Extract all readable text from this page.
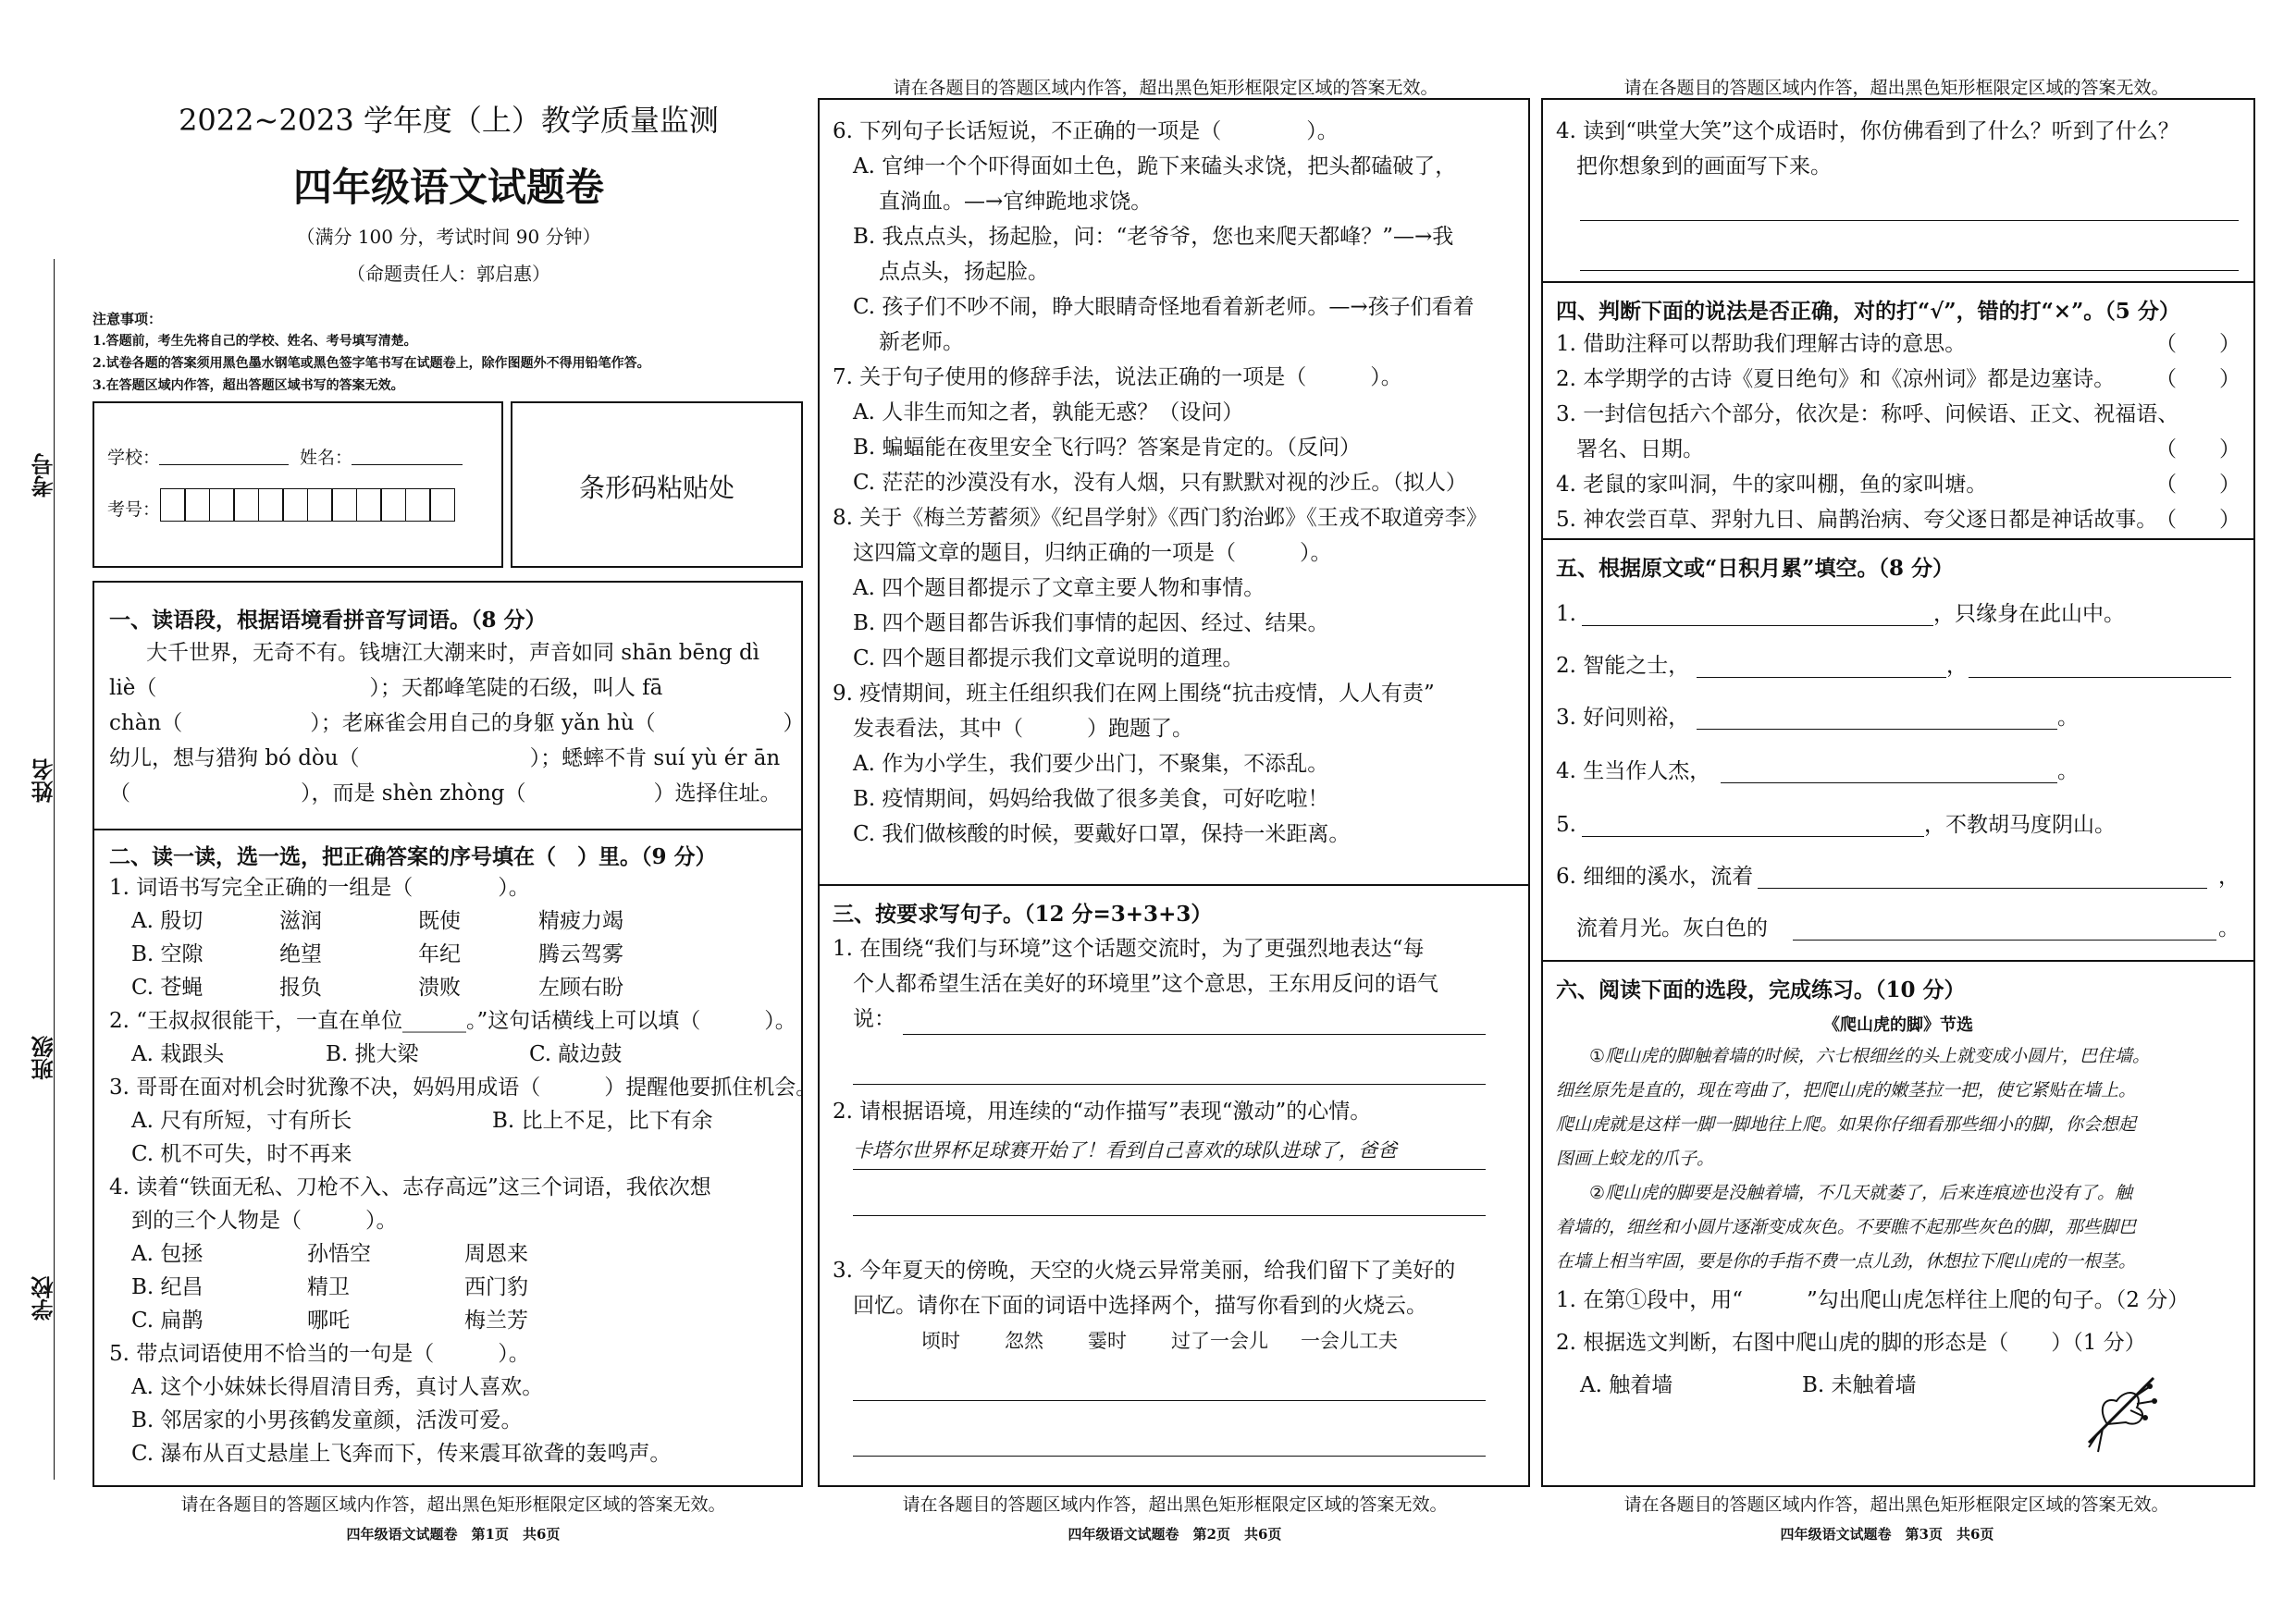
请在各题目的答题区域内作答，超出黑色矩形框限定区域的答案无效。	请在各题目的答题区域内作答，超出黑色矩形框限定区域的答案无效。
请在各题目的答题区域内作答，超出黑色矩形框限定区域的答案无效。	请在各题目的答题区域内作答，超出黑色矩形框限定区域的答案无效。	请在各题目的答题区域内作答，超出黑色矩形框限定区域的答案无效。
四年级语文试题卷　第1页　共6页	四年级语文试题卷　第2页　共6页	四年级语文试题卷　第3页　共6页
考号
姓名
班级
学校
2022~2023 学年度（上）教学质量监测
四年级语文试题卷
（满分 100 分，考试时间 90 分钟）
（命题责任人：郭启惠）
注意事项：
1.答题前，考生先将自己的学校、姓名、考号填写清楚。
2.试卷各题的答案须用黑色墨水钢笔或黑色签字笔书写在试题卷上，除作图题外不得用铅笔作答。
3.在答题区域内作答，超出答题区域书写的答案无效。
学校：	姓名：
考号：
条形码粘贴处
一、读语段，根据语境看拼音写词语。（8 分）
大千世界，无奇不有。钱塘江大潮来时，声音如同 shān bēng dì
liè（　　　　　　　　　　）；天都峰笔陡的石级，叫人 fā
chàn（　　　　　　）；老麻雀会用自己的身躯 yǎn hù（　　　　　　）
幼儿，想与猎狗 bó dòu（　　　　　　　　）；蟋蟀不肯 suí yù ér ān
（　　　　　　　　），而是 shèn zhòng（　　　　　　）选择住址。
二、读一读，选一选，把正确答案的序号填在（　）里。（9 分）
1. 词语书写完全正确的一组是（　　　　）。
A. 殷切	滋润	既使	精疲力竭
B. 空隙	绝望	年纪	腾云驾雾
C. 苍蝇	报负	溃败	左顾右盼
2. “王叔叔很能干，一直在单位______。”这句话横线上可以填（　　　）。
A. 栽跟头	B. 挑大梁	C. 敲边鼓
3. 哥哥在面对机会时犹豫不决，妈妈用成语（　　　）提醒他要抓住机会。
A. 尺有所短，寸有所长	B. 比上不足，比下有余
C. 机不可失，时不再来
4. 读着“铁面无私、刀枪不入、志存高远”这三个词语，我依次想
到的三个人物是（　　　）。
A. 包拯	孙悟空	周恩来
B. 纪昌	精卫	西门豹
C. 扁鹊	哪吒	梅兰芳
5. 带点词语使用不恰当的一句是（　　　）。
A. 这个小妹妹长得眉清目秀，真讨人喜欢。
B. 邻居家的小男孩鹤发童颜，活泼可爱。
C. 瀑布从百丈悬崖上飞奔而下，传来震耳欲聋的轰鸣声。
6. 下列句子长话短说，不正确的一项是（　　　　）。
A. 官绅一个个吓得面如土色，跪下来磕头求饶，把头都磕破了，
直淌血。—→官绅跪地求饶。
B. 我点点头，扬起脸，问：“老爷爷，您也来爬天都峰？”—→我
点点头，扬起脸。
C. 孩子们不吵不闹，睁大眼睛奇怪地看着新老师。—→孩子们看着
新老师。
7. 关于句子使用的修辞手法，说法正确的一项是（　　　）。
A. 人非生而知之者，孰能无惑？（设问）
B. 蝙蝠能在夜里安全飞行吗？答案是肯定的。（反问）
C. 茫茫的沙漠没有水，没有人烟，只有默默对视的沙丘。（拟人）
8. 关于《梅兰芳蓄须》《纪昌学射》《西门豹治邺》《王戎不取道旁李》
这四篇文章的题目，归纳正确的一项是（　　　）。
A. 四个题目都提示了文章主要人物和事情。
B. 四个题目都告诉我们事情的起因、经过、结果。
C. 四个题目都提示我们文章说明的道理。
9. 疫情期间，班主任组织我们在网上围绕“抗击疫情，人人有责”
发表看法，其中（　　　）跑题了。
A. 作为小学生，我们要少出门，不聚集，不添乱。
B. 疫情期间，妈妈给我做了很多美食，可好吃啦！
C. 我们做核酸的时候，要戴好口罩，保持一米距离。
三、按要求写句子。（12 分=3+3+3）
1. 在围绕“我们与环境”这个话题交流时，为了更强烈地表达“每
个人都希望生活在美好的环境里”这个意思，王东用反问的语气
说：
2. 请根据语境，用连续的“动作描写”表现“激动”的心情。
卡塔尔世界杯足球赛开始了！看到自己喜欢的球队进球了，爸爸
3. 今年夏天的傍晚，天空的火烧云异常美丽，给我们留下了美好的
回忆。请你在下面的词语中选择两个，描写你看到的火烧云。
顷时 忽然 霎时 过了一会儿 一会儿工夫
4. 读到“哄堂大笑”这个成语时，你仿佛看到了什么？听到了什么？
把你想象到的画面写下来。
四、判断下面的说法是否正确，对的打“√”，错的打“×”。（5 分）
1. 借助注释可以帮助我们理解古诗的意思。	（　　）
2. 本学期学的古诗《夏日绝句》和《凉州词》都是边塞诗。 （　　）
3. 一封信包括六个部分，依次是：称呼、问候语、正文、祝福语、
署名、日期。	（　　）
4. 老鼠的家叫洞，牛的家叫棚，鱼的家叫塘。	（　　）
5. 神农尝百草、羿射九日、扁鹊治病、夸父逐日都是神话故事。
（　　）
五、根据原文或“日积月累”填空。（8 分）
1.	，只缘身在此山中。
2. 智能之士，	，
3. 好问则裕，	。
4. 生当作人杰，	。
5.	，不教胡马度阴山。
6. 细细的溪水，流着	，
流着月光。灰白色的	。
六、阅读下面的选段，完成练习。（10 分）
《爬山虎的脚》节选
①爬山虎的脚触着墙的时候，六七根细丝的头上就变成小圆片，巴住墙。
细丝原先是直的，现在弯曲了，把爬山虎的嫩茎拉一把，使它紧贴在墙上。
爬山虎就是这样一脚一脚地往上爬。如果你仔细看那些细小的脚，你会想起
图画上蛟龙的爪子。
②爬山虎的脚要是没触着墙，不几天就萎了，后来连痕迹也没有了。触
着墙的，细丝和小圆片逐渐变成灰色。不要瞧不起那些灰色的脚，那些脚巴
在墙上相当牢固，要是你的手指不费一点儿劲，休想拉下爬山虎的一根茎。
1. 在第①段中，用“　　　”勾出爬山虎怎样往上爬的句子。（2 分）
2. 根据选文判断，右图中爬山虎的脚的形态是（　　）（1 分）
A. 触着墙	B. 未触着墙
